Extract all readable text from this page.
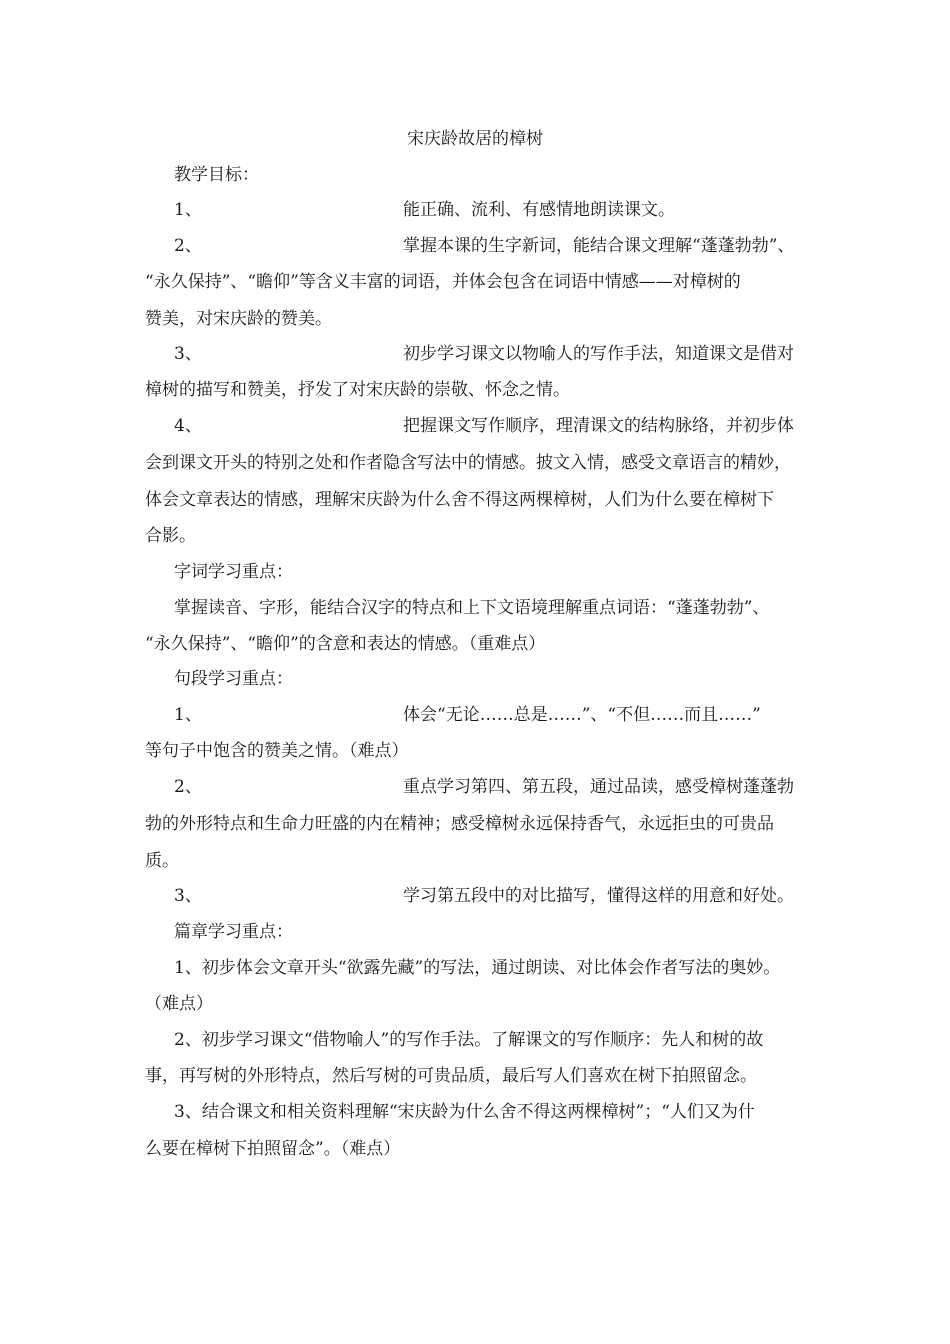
宋庆龄故居的樟树
教学目标：
1、	能正确、流利、有感情地朗读课文。
2、	掌握本课的生字新词，能结合课文理解“蓬蓬勃勃”、
“永久保持”、“瞻仰”等含义丰富的词语，并体会包含在词语中情感——对樟树的
赞美，对宋庆龄的赞美。
3、	初步学习课文以物喻人的写作手法，知道课文是借对
樟树的描写和赞美，抒发了对宋庆龄的崇敬、怀念之情。
4、	把握课文写作顺序，理清课文的结构脉络，并初步体
会到课文开头的特别之处和作者隐含写法中的情感。披文入情，感受文章语言的精妙，
体会文章表达的情感，理解宋庆龄为什么舍不得这两棵樟树，人们为什么要在樟树下
合影。
字词学习重点：
掌握读音、字形，能结合汉字的特点和上下文语境理解重点词语：“蓬蓬勃勃”、
“永久保持”、“瞻仰”的含意和表达的情感。（重难点）
句段学习重点：
1、	体会“无论……总是……”、“不但……而且……”
等句子中饱含的赞美之情。（难点）
2、	重点学习第四、第五段，通过品读，感受樟树蓬蓬勃
勃的外形特点和生命力旺盛的内在精神；感受樟树永远保持香气，永远拒虫的可贵品
质。
3、	学习第五段中的对比描写，懂得这样的用意和好处。
篇章学习重点：
1、初步体会文章开头“欲露先藏”的写法，通过朗读、对比体会作者写法的奥妙。
（难点）
2、初步学习课文“借物喻人”的写作手法。了解课文的写作顺序：先人和树的故
事，再写树的外形特点，然后写树的可贵品质，最后写人们喜欢在树下拍照留念。
3、结合课文和相关资料理解“宋庆龄为什么舍不得这两棵樟树”；“人们又为什
么要在樟树下拍照留念”。（难点）
